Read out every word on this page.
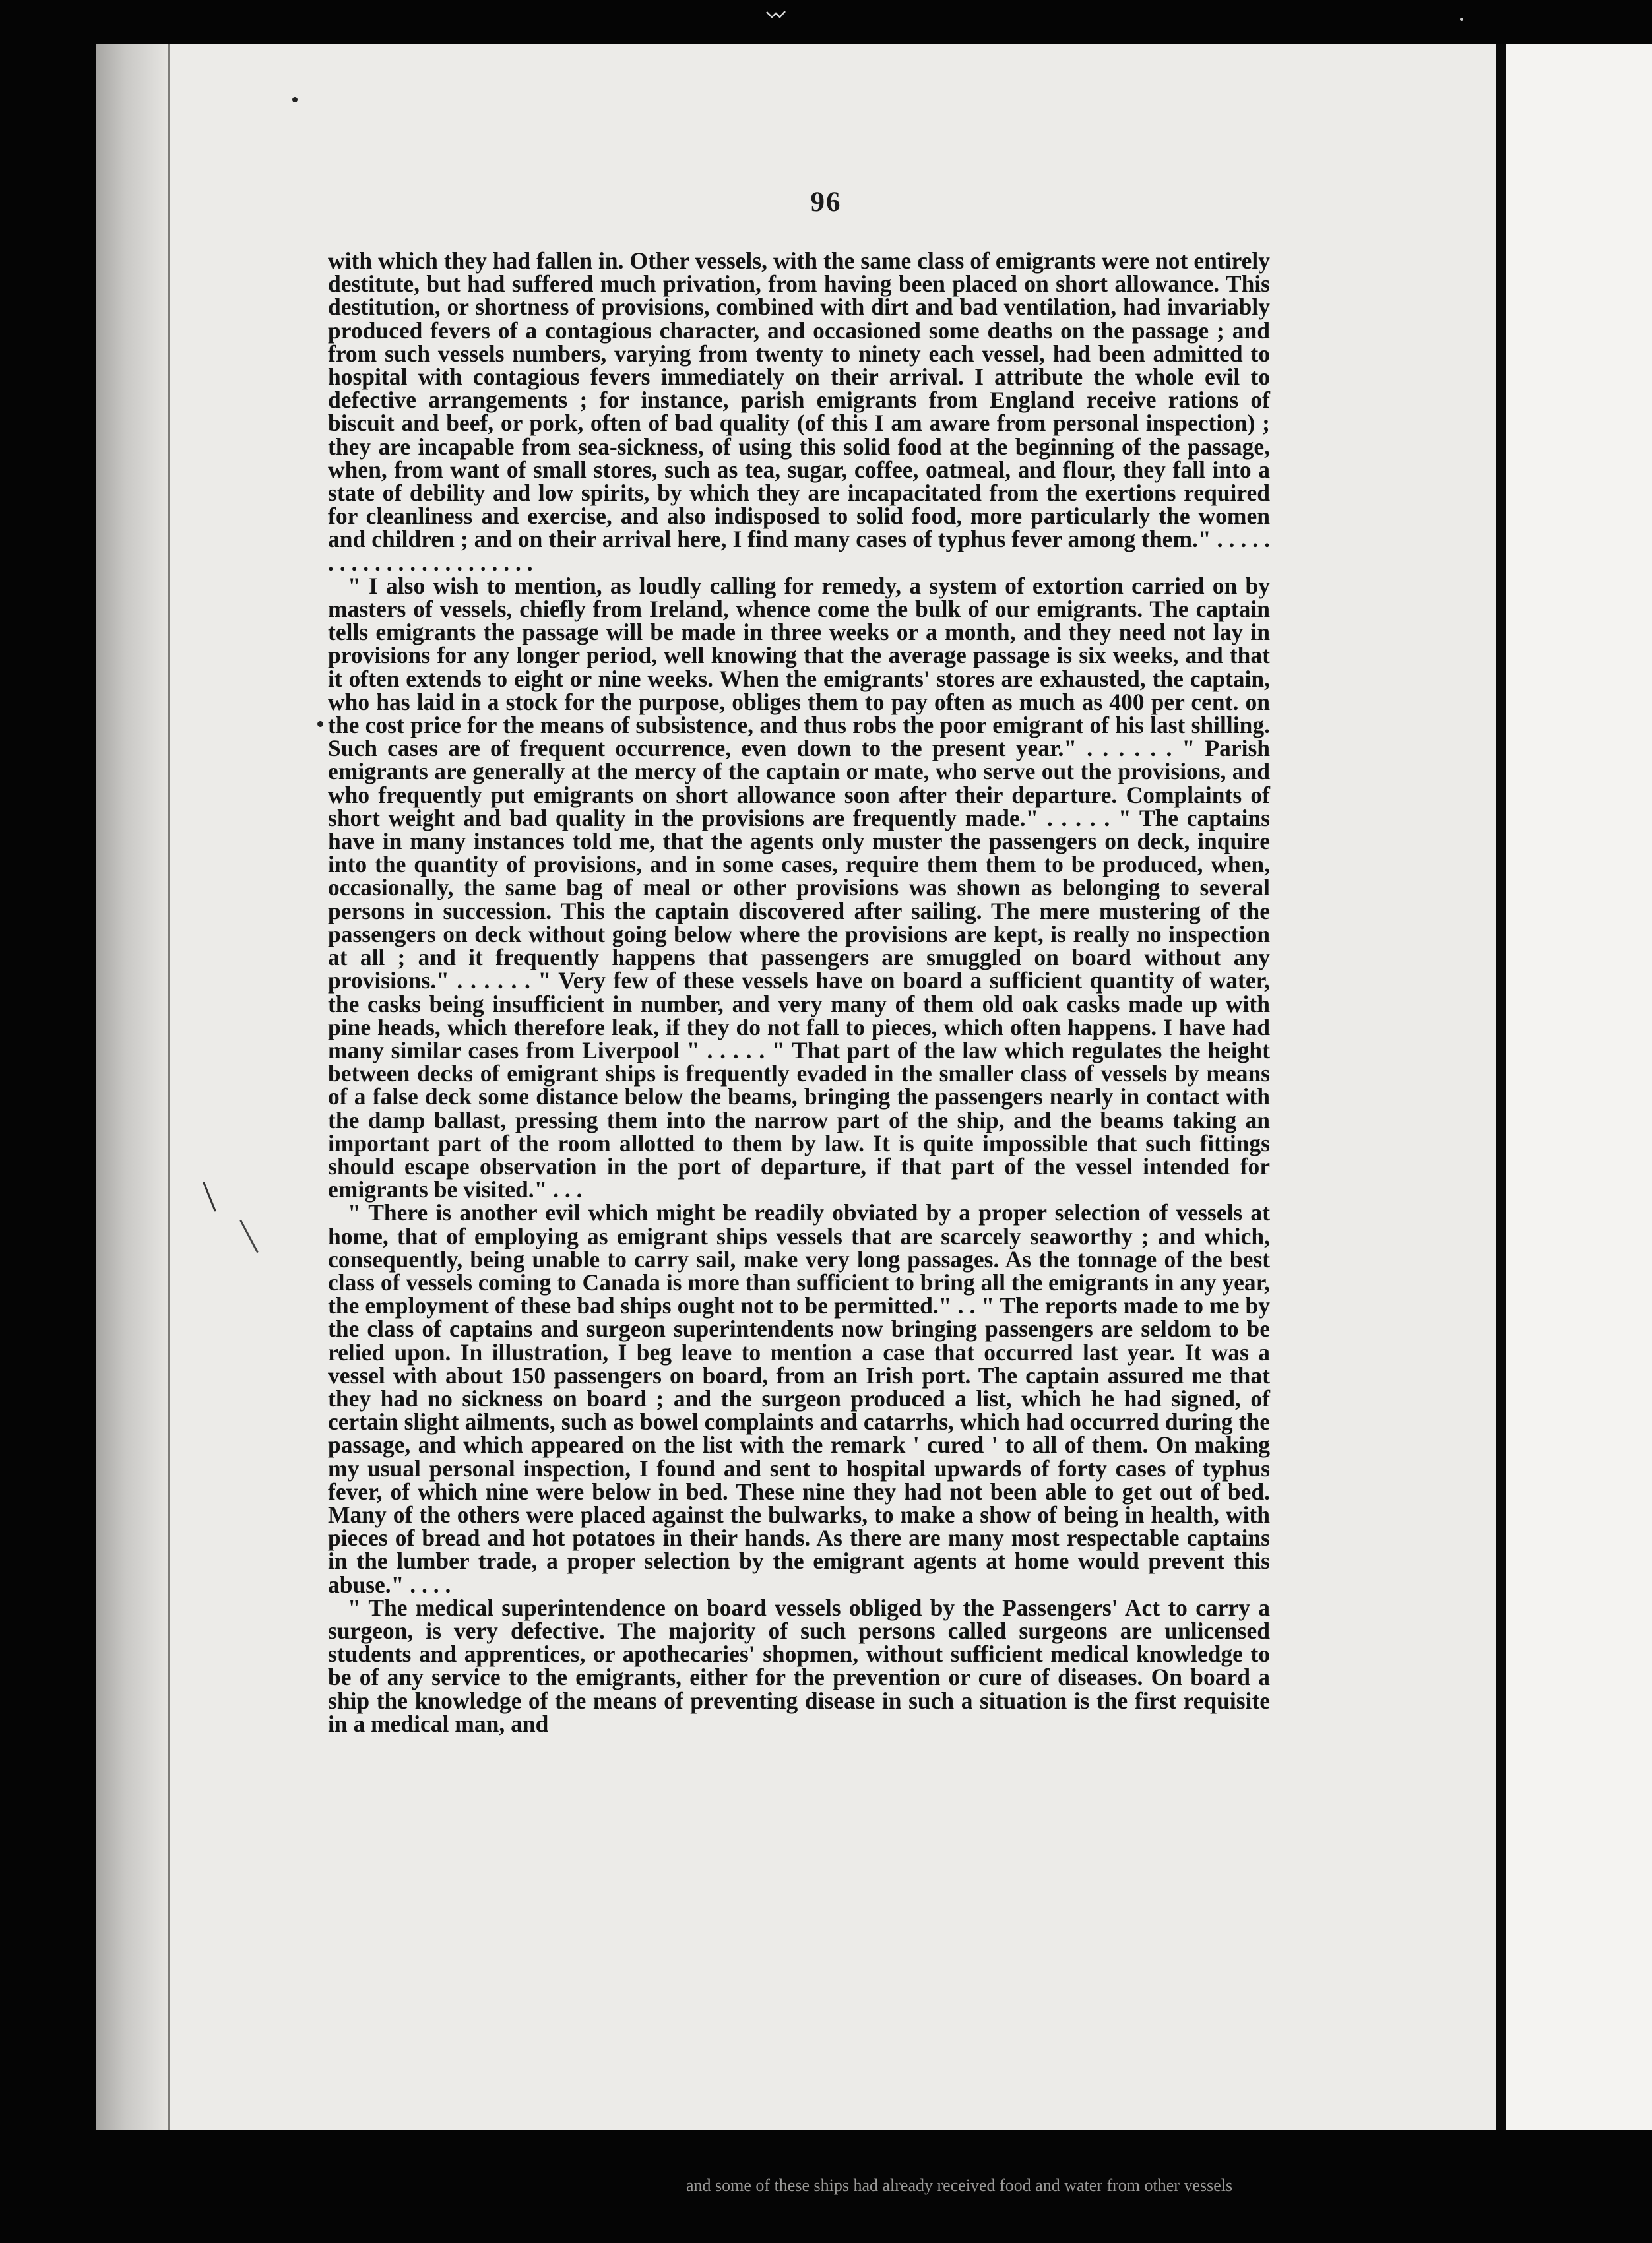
96

with which they had fallen in. Other vessels, with the same class of emigrants were not entirely destitute, but had suffered much privation, from having been placed on short allowance. This destitution, or shortness of provisions, combined with dirt and bad ventilation, had invariably produced fevers of a contagious character, and occasioned some deaths on the passage ; and from such vessels numbers, varying from twenty to ninety each vessel, had been admitted to hospital with contagious fevers immediately on their arrival. I attribute the whole evil to defective arrangements ; for instance, parish emigrants from England receive rations of biscuit and beef, or pork, often of bad quality (of this I am aware from personal inspection) ; they are incapable from sea-sickness, of using this solid food at the beginning of the passage, when, from want of small stores, such as tea, sugar, coffee, oatmeal, and flour, they fall into a state of debility and low spirits, by which they are incapacitated from the exertions required for cleanliness and exercise, and also indisposed to solid food, more particularly the women and children ; and on their arrival here, I find many cases of typhus fever among them." . . . . . . . . . . . . . . . . . . . . . . .

" I also wish to mention, as loudly calling for remedy, a system of extortion carried on by masters of vessels, chiefly from Ireland, whence come the bulk of our emigrants. The captain tells emigrants the passage will be made in three weeks or a month, and they need not lay in provisions for any longer period, well knowing that the average passage is six weeks, and that it often extends to eight or nine weeks. When the emigrants' stores are exhausted, the captain, who has laid in a stock for the purpose, obliges them to pay often as much as 400 per cent. on the cost price for the means of subsistence, and thus robs the poor emigrant of his last shilling. Such cases are of frequent occurrence, even down to the present year." . . . . . . " Parish emigrants are generally at the mercy of the captain or mate, who serve out the provisions, and who frequently put emigrants on short allowance soon after their departure. Complaints of short weight and bad quality in the provisions are frequently made." . . . . . " The captains have in many instances told me, that the agents only muster the passengers on deck, inquire into the quantity of provisions, and in some cases, require them them to be produced, when, occasionally, the same bag of meal or other provisions was shown as belonging to several persons in succession. This the captain discovered after sailing. The mere mustering of the passengers on deck without going below where the provisions are kept, is really no inspection at all ; and it frequently happens that passengers are smuggled on board without any provisions." . . . . . . " Very few of these vessels have on board a sufficient quantity of water, the casks being insufficient in number, and very many of them old oak casks made up with pine heads, which therefore leak, if they do not fall to pieces, which often happens. I have had many similar cases from Liverpool " . . . . . " That part of the law which regulates the height between decks of emigrant ships is frequently evaded in the smaller class of vessels by means of a false deck some distance below the beams, bringing the passengers nearly in contact with the damp ballast, pressing them into the narrow part of the ship, and the beams taking an important part of the room allotted to them by law. It is quite impossible that such fittings should escape observation in the port of departure, if that part of the vessel intended for emigrants be visited." . . .

" There is another evil which might be readily obviated by a proper selection of vessels at home, that of employing as emigrant ships vessels that are scarcely seaworthy ; and which, consequently, being unable to carry sail, make very long passages. As the tonnage of the best class of vessels coming to Canada is more than sufficient to bring all the emigrants in any year, the employment of these bad ships ought not to be permitted." . . " The reports made to me by the class of captains and surgeon superintendents now bringing passengers are seldom to be relied upon. In illustration, I beg leave to mention a case that occurred last year. It was a vessel with about 150 passengers on board, from an Irish port. The captain assured me that they had no sickness on board ; and the surgeon produced a list, which he had signed, of certain slight ailments, such as bowel complaints and catarrhs, which had occurred during the passage, and which appeared on the list with the remark ' cured ' to all of them. On making my usual personal inspection, I found and sent to hospital upwards of forty cases of typhus fever, of which nine were below in bed. These nine they had not been able to get out of bed. Many of the others were placed against the bulwarks, to make a show of being in health, with pieces of bread and hot potatoes in their hands. As there are many most respectable captains in the lumber trade, a proper selection by the emigrant agents at home would prevent this abuse." . . . .

" The medical superintendence on board vessels obliged by the Passengers' Act to carry a surgeon, is very defective. The majority of such persons called surgeons are unlicensed students and apprentices, or apothecaries' shopmen, without sufficient medical knowledge to be of any service to the emigrants, either for the prevention or cure of diseases. On board a ship the knowledge of the means of preventing disease in such a situation is the first requisite in a medical man, and

and some of these ships had already received food and water from other vessels
